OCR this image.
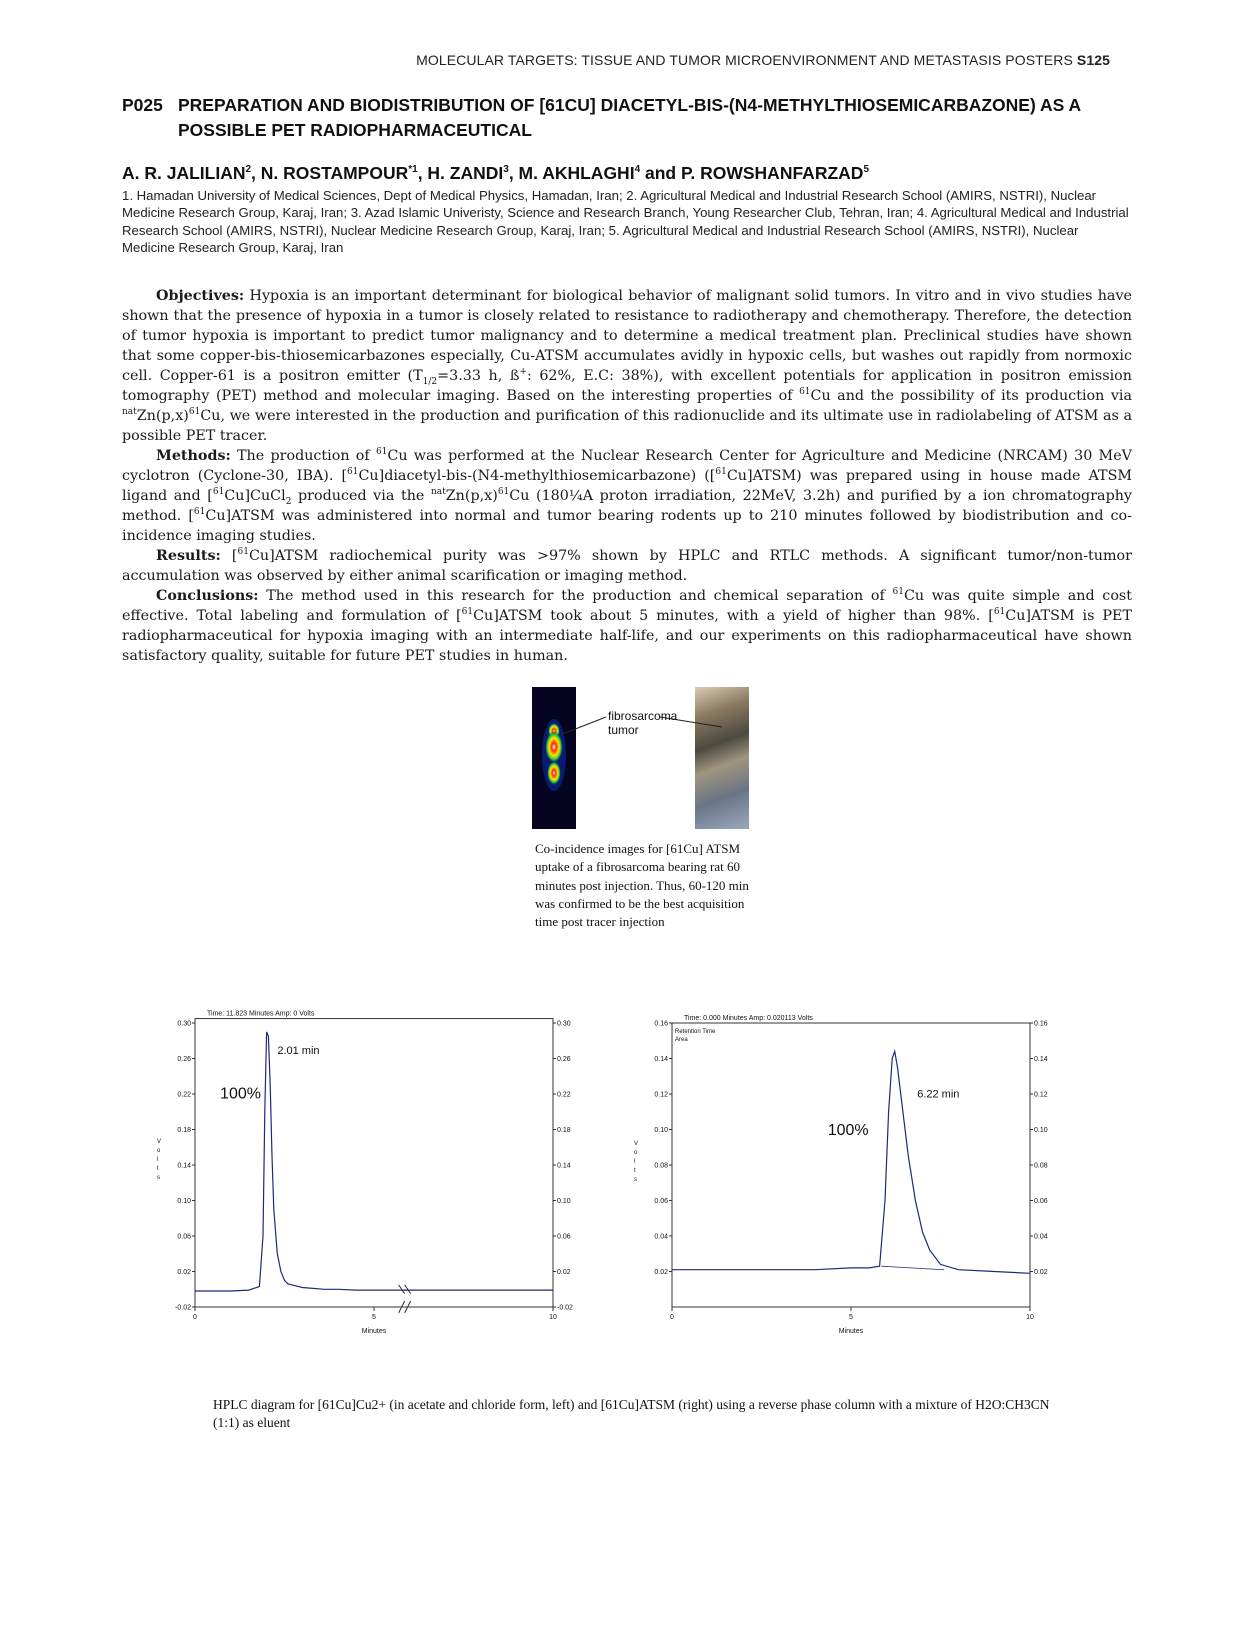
MOLECULAR TARGETS: TISSUE AND TUMOR MICROENVIRONMENT AND METASTASIS POSTERS S125
P025 PREPARATION AND BIODISTRIBUTION OF [61CU] DIACETYL-BIS-(N4-METHYLTHIOSEMICARBAZONE) AS A POSSIBLE PET RADIOPHARMACEUTICAL
A. R. JALILIAN$^2$, N. ROSTAMPOUR$^{*1}$, H. ZANDI$^3$, M. AKHLAGHI$^4$ and P. ROWSHANFARZAD$^5$
1. Hamadan University of Medical Sciences, Dept of Medical Physics, Hamadan, Iran; 2. Agricultural Medical and Industrial Research School (AMIRS, NSTRI), Nuclear Medicine Research Group, Karaj, Iran; 3. Azad Islamic Univeristy, Science and Research Branch, Young Researcher Club, Tehran, Iran; 4. Agricultural Medical and Industrial Research School (AMIRS, NSTRI), Nuclear Medicine Research Group, Karaj, Iran; 5. Agricultural Medical and Industrial Research School (AMIRS, NSTRI), Nuclear Medicine Research Group, Karaj, Iran

Objectives: Hypoxia is an important determinant for biological behavior of malignant solid tumors. In vitro and in vivo studies have shown that the presence of hypoxia in a tumor is closely related to resistance to radiotherapy and chemotherapy. Therefore, the detection of tumor hypoxia is important to predict tumor malignancy and to determine a medical treatment plan. Preclinical studies have shown that some copper-bis-thiosemicarbazones especially, Cu-ATSM accumulates avidly in hypoxic cells, but washes out rapidly from normoxic cell. Copper-61 is a positron emitter ($T_{1/2}=3.33$ h, ß+: 62%, E.C: 38%), with excellent potentials for application in positron emission tomography (PET) method and molecular imaging. Based on the interesting properties of $^{61}$Cu and the possibility of its production via $^{nat}Zn(p,x)^{61}Cu$, we were interested in the production and purification of this radionuclide and its ultimate use in radiolabeling of ATSM as a possible PET tracer.

Methods: The production of $^{61}$Cu was performed at the Nuclear Research Center for Agriculture and Medicine (NRCAM) 30 MeV cyclotron (Cyclone-30, IBA). [$^{61}$Cu]diacetyl-bis-(N4-methylthiosemicarbazone) ([$^{61}$Cu]ATSM) was prepared using in house made ATSM ligand and [$^{61}$Cu]CuCl$_2$ produced via the $^{nat}Zn(p,x)^{61}Cu$ (180¼A proton irradiation, 22MeV, 3.2h) and purified by a ion chromatography method. [$^{61}$Cu]ATSM was administered into normal and tumor bearing rodents up to 210 minutes followed by biodistribution and co-incidence imaging studies.

Results: [$^{61}$Cu]ATSM radiochemical purity was >97% shown by HPLC and RTLC methods. A significant tumor/non-tumor accumulation was observed by either animal scarification or imaging method.

Conclusions: The method used in this research for the production and chemical separation of $^{61}$Cu was quite simple and cost effective. Total labeling and formulation of [$^{61}$Cu]ATSM took about 5 minutes, with a yield of higher than 98%. [$^{61}$Cu]ATSM is PET radiopharmaceutical for hypoxia imaging with an intermediate half-life, and our experiments on this radiopharmaceutical have shown satisfactory quality, suitable for future PET studies in human.

fibrosarcoma
tumor
Co-incidence images for [61Cu] ATSM uptake of a fibrosarcoma bearing rat 60 minutes post injection. Thus, 60-120 min was confirmed to be the best acquisition time post tracer injection
Time: 11.823 Minutes Amp: 0 Volts
-0.02	-0.02
0.02	0.02
0.06	0.06
0.10	0.10
0.14	0.14
0.18	0.18
0.22	0.22
0.26	0.26
0.30	0.30
0	5	10
Minutes
V o l t s
2.01 min
100%
Time: 0.000 Minutes Amp: 0.020113 Volts
Retention Time
Area
0.02	0.02
0.04	0.04
0.06	0.06
0.08	0.08
0.10	0.10
0.12	0.12
0.14	0.14
0.16	0.16
0	5	10
Minutes
V o l t s
6.22 min
100%
HPLC diagram for [61Cu]Cu2+ (in acetate and chloride form, left) and [61Cu]ATSM (right) using a reverse phase column with a mixture of H2O:CH3CN (1:1) as eluent
